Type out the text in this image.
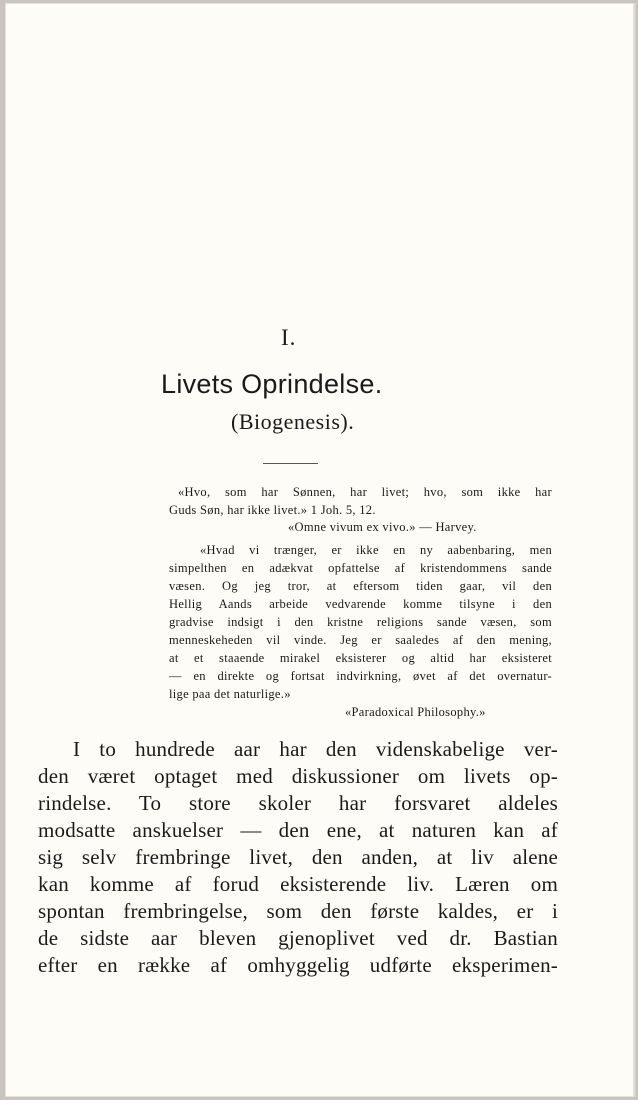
I.
Livets Oprindelse.
(Biogenesis).
«Hvo, som har Sønnen, har livet; hvo, som ikke har
Guds Søn, har ikke livet.» 1 Joh. 5, 12.
«Omne vivum ex vivo.» — Harvey.
«Hvad vi trænger, er ikke en ny aabenbaring, men
simpelthen en adækvat opfattelse af kristendommens sande
væsen. Og jeg tror, at eftersom tiden gaar, vil den
Hellig Aands arbeide vedvarende komme tilsyne i den
gradvise indsigt i den kristne religions sande væsen, som
menneskeheden vil vinde. Jeg er saaledes af den mening,
at et staaende mirakel eksisterer og altid har eksisteret
— en direkte og fortsat indvirkning, øvet af det overnatur-
lige paa det naturlige.»
«Paradoxical Philosophy.»
I to hundrede aar har den videnskabelige ver-
den været optaget med diskussioner om livets op-
rindelse. To store skoler har forsvaret aldeles
modsatte anskuelser — den ene, at naturen kan af
sig selv frembringe livet, den anden, at liv alene
kan komme af forud eksisterende liv. Læren om
spontan frembringelse, som den første kaldes, er i
de sidste aar bleven gjenoplivet ved dr. Bastian
efter en række af omhyggelig udførte eksperimen-
